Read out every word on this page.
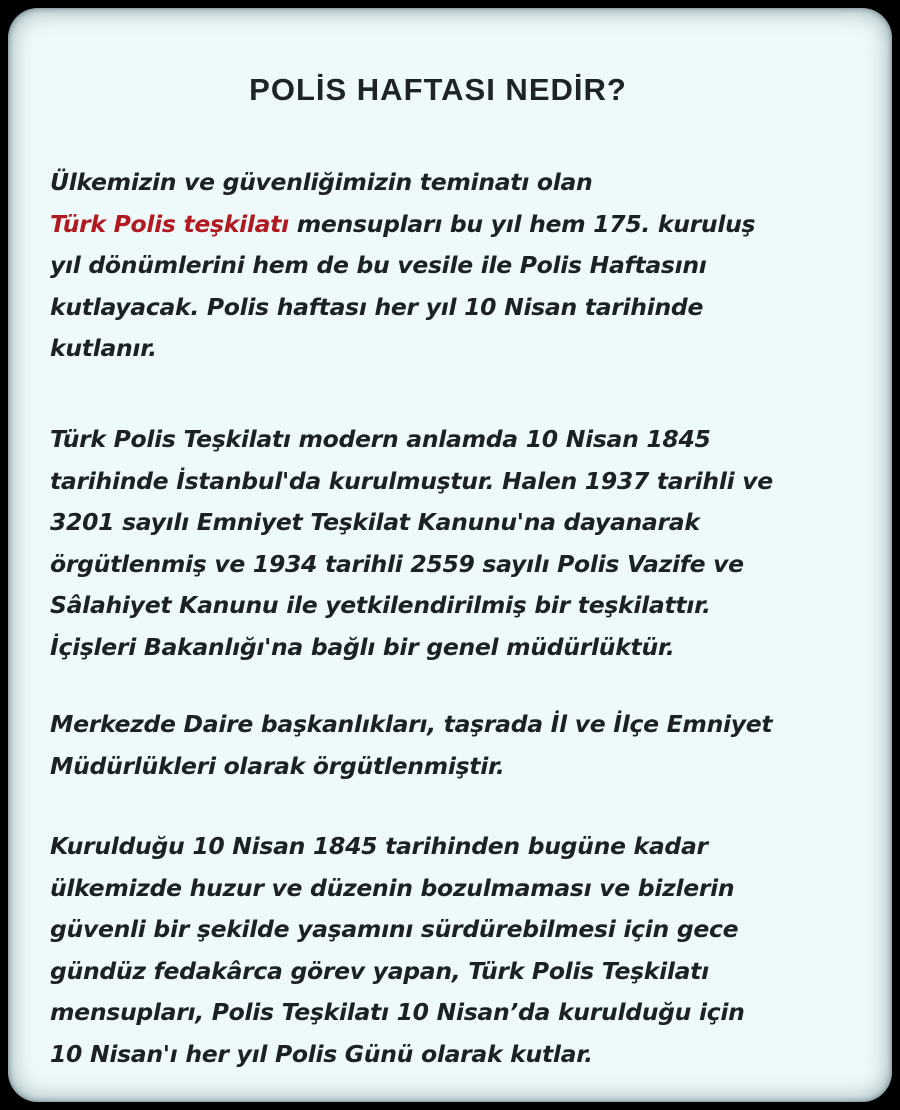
POLİS HAFTASI NEDİR?

Ülkemizin ve güvenliğimizin teminatı olan
Türk Polis teşkilatı mensupları bu yıl hem 175. kuruluş
yıl dönümlerini hem de bu vesile ile Polis Haftasını
kutlayacak. Polis haftası her yıl 10 Nisan tarihinde
kutlanır.

Türk Polis Teşkilatı modern anlamda 10 Nisan 1845
tarihinde İstanbul'da kurulmuştur. Halen 1937 tarihli ve
3201 sayılı Emniyet Teşkilat Kanunu'na dayanarak
örgütlenmiş ve 1934 tarihli 2559 sayılı Polis Vazife ve
Sâlahiyet Kanunu ile yetkilendirilmiş bir teşkilattır.
İçişleri Bakanlığı'na bağlı bir genel müdürlüktür.

Merkezde Daire başkanlıkları, taşrada İl ve İlçe Emniyet
Müdürlükleri olarak örgütlenmiştir.

Kurulduğu 10 Nisan 1845 tarihinden bugüne kadar
ülkemizde huzur ve düzenin bozulmaması ve bizlerin
güvenli bir şekilde yaşamını sürdürebilmesi için gece
gündüz fedakârca görev yapan, Türk Polis Teşkilatı
mensupları, Polis Teşkilatı 10 Nisan’da kurulduğu için
10 Nisan'ı her yıl Polis Günü olarak kutlar.
